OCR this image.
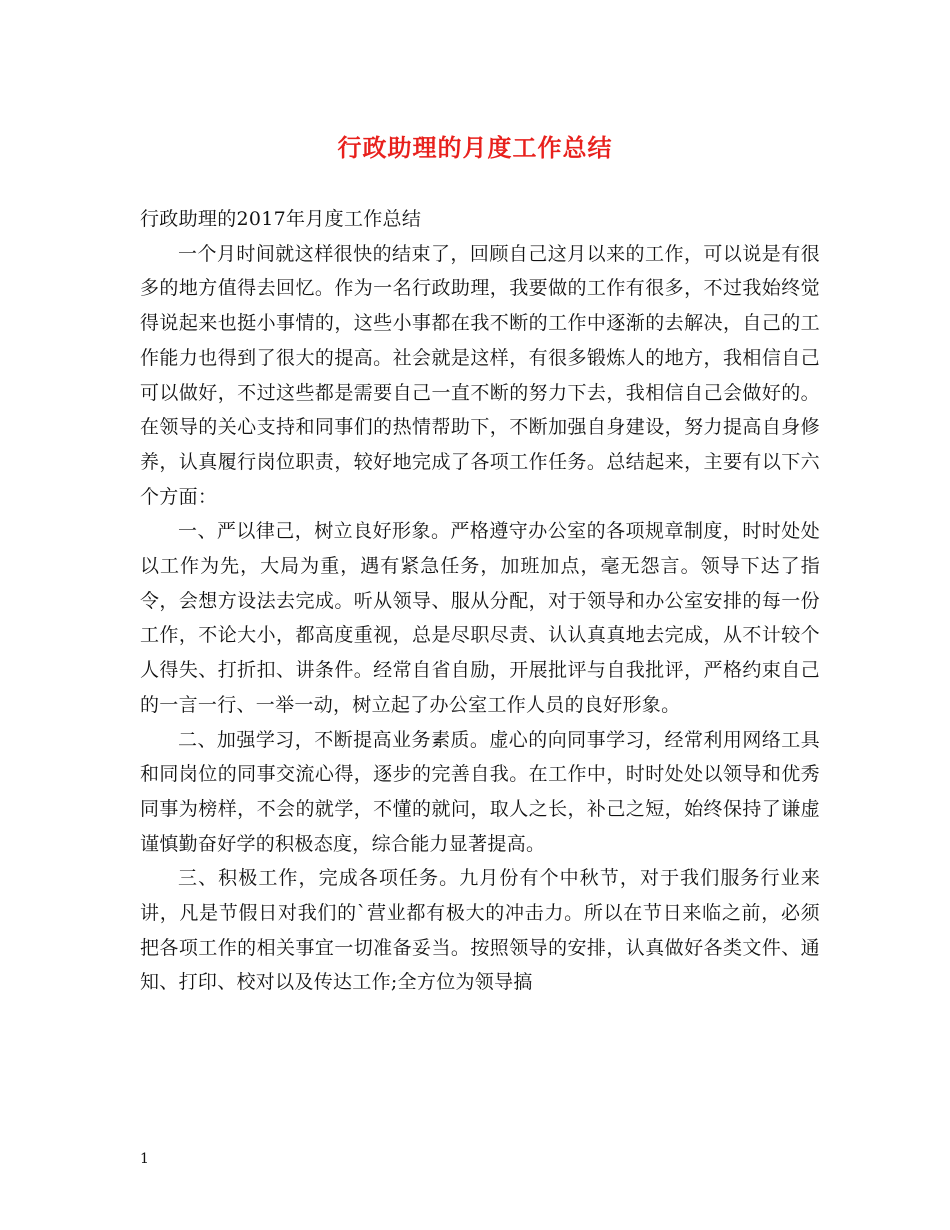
行政助理的月度工作总结

行政助理的2017年月度工作总结

一个月时间就这样很快的结束了，回顾自己这月以来的工作，可以说是有很多的地方值得去回忆。作为一名行政助理，我要做的工作有很多，不过我始终觉得说起来也挺小事情的，这些小事都在我不断的工作中逐渐的去解决，自己的工作能力也得到了很大的提高。社会就是这样，有很多锻炼人的地方，我相信自己可以做好，不过这些都是需要自己一直不断的努力下去，我相信自己会做好的。在领导的关心支持和同事们的热情帮助下，不断加强自身建设，努力提高自身修养，认真履行岗位职责，较好地完成了各项工作任务。总结起来，主要有以下六个方面：

一、严以律己，树立良好形象。严格遵守办公室的各项规章制度，时时处处以工作为先，大局为重，遇有紧急任务，加班加点，毫无怨言。领导下达了指令，会想方设法去完成。听从领导、服从分配，对于领导和办公室安排的每一份工作，不论大小，都高度重视，总是尽职尽责、认认真真地去完成，从不计较个人得失、打折扣、讲条件。经常自省自励，开展批评与自我批评，严格约束自己的一言一行、一举一动，树立起了办公室工作人员的良好形象。

二、加强学习，不断提高业务素质。虚心的向同事学习，经常利用网络工具和同岗位的同事交流心得，逐步的完善自我。在工作中，时时处处以领导和优秀同事为榜样，不会的就学，不懂的就问，取人之长，补己之短，始终保持了谦虚谨慎勤奋好学的积极态度，综合能力显著提高。

三、积极工作，完成各项任务。九月份有个中秋节，对于我们服务行业来讲，凡是节假日对我们的`营业都有极大的冲击力。所以在节日来临之前，必须把各项工作的相关事宜一切准备妥当。按照领导的安排，认真做好各类文件、通知、打印、校对以及传达工作;全方位为领导搞

1
